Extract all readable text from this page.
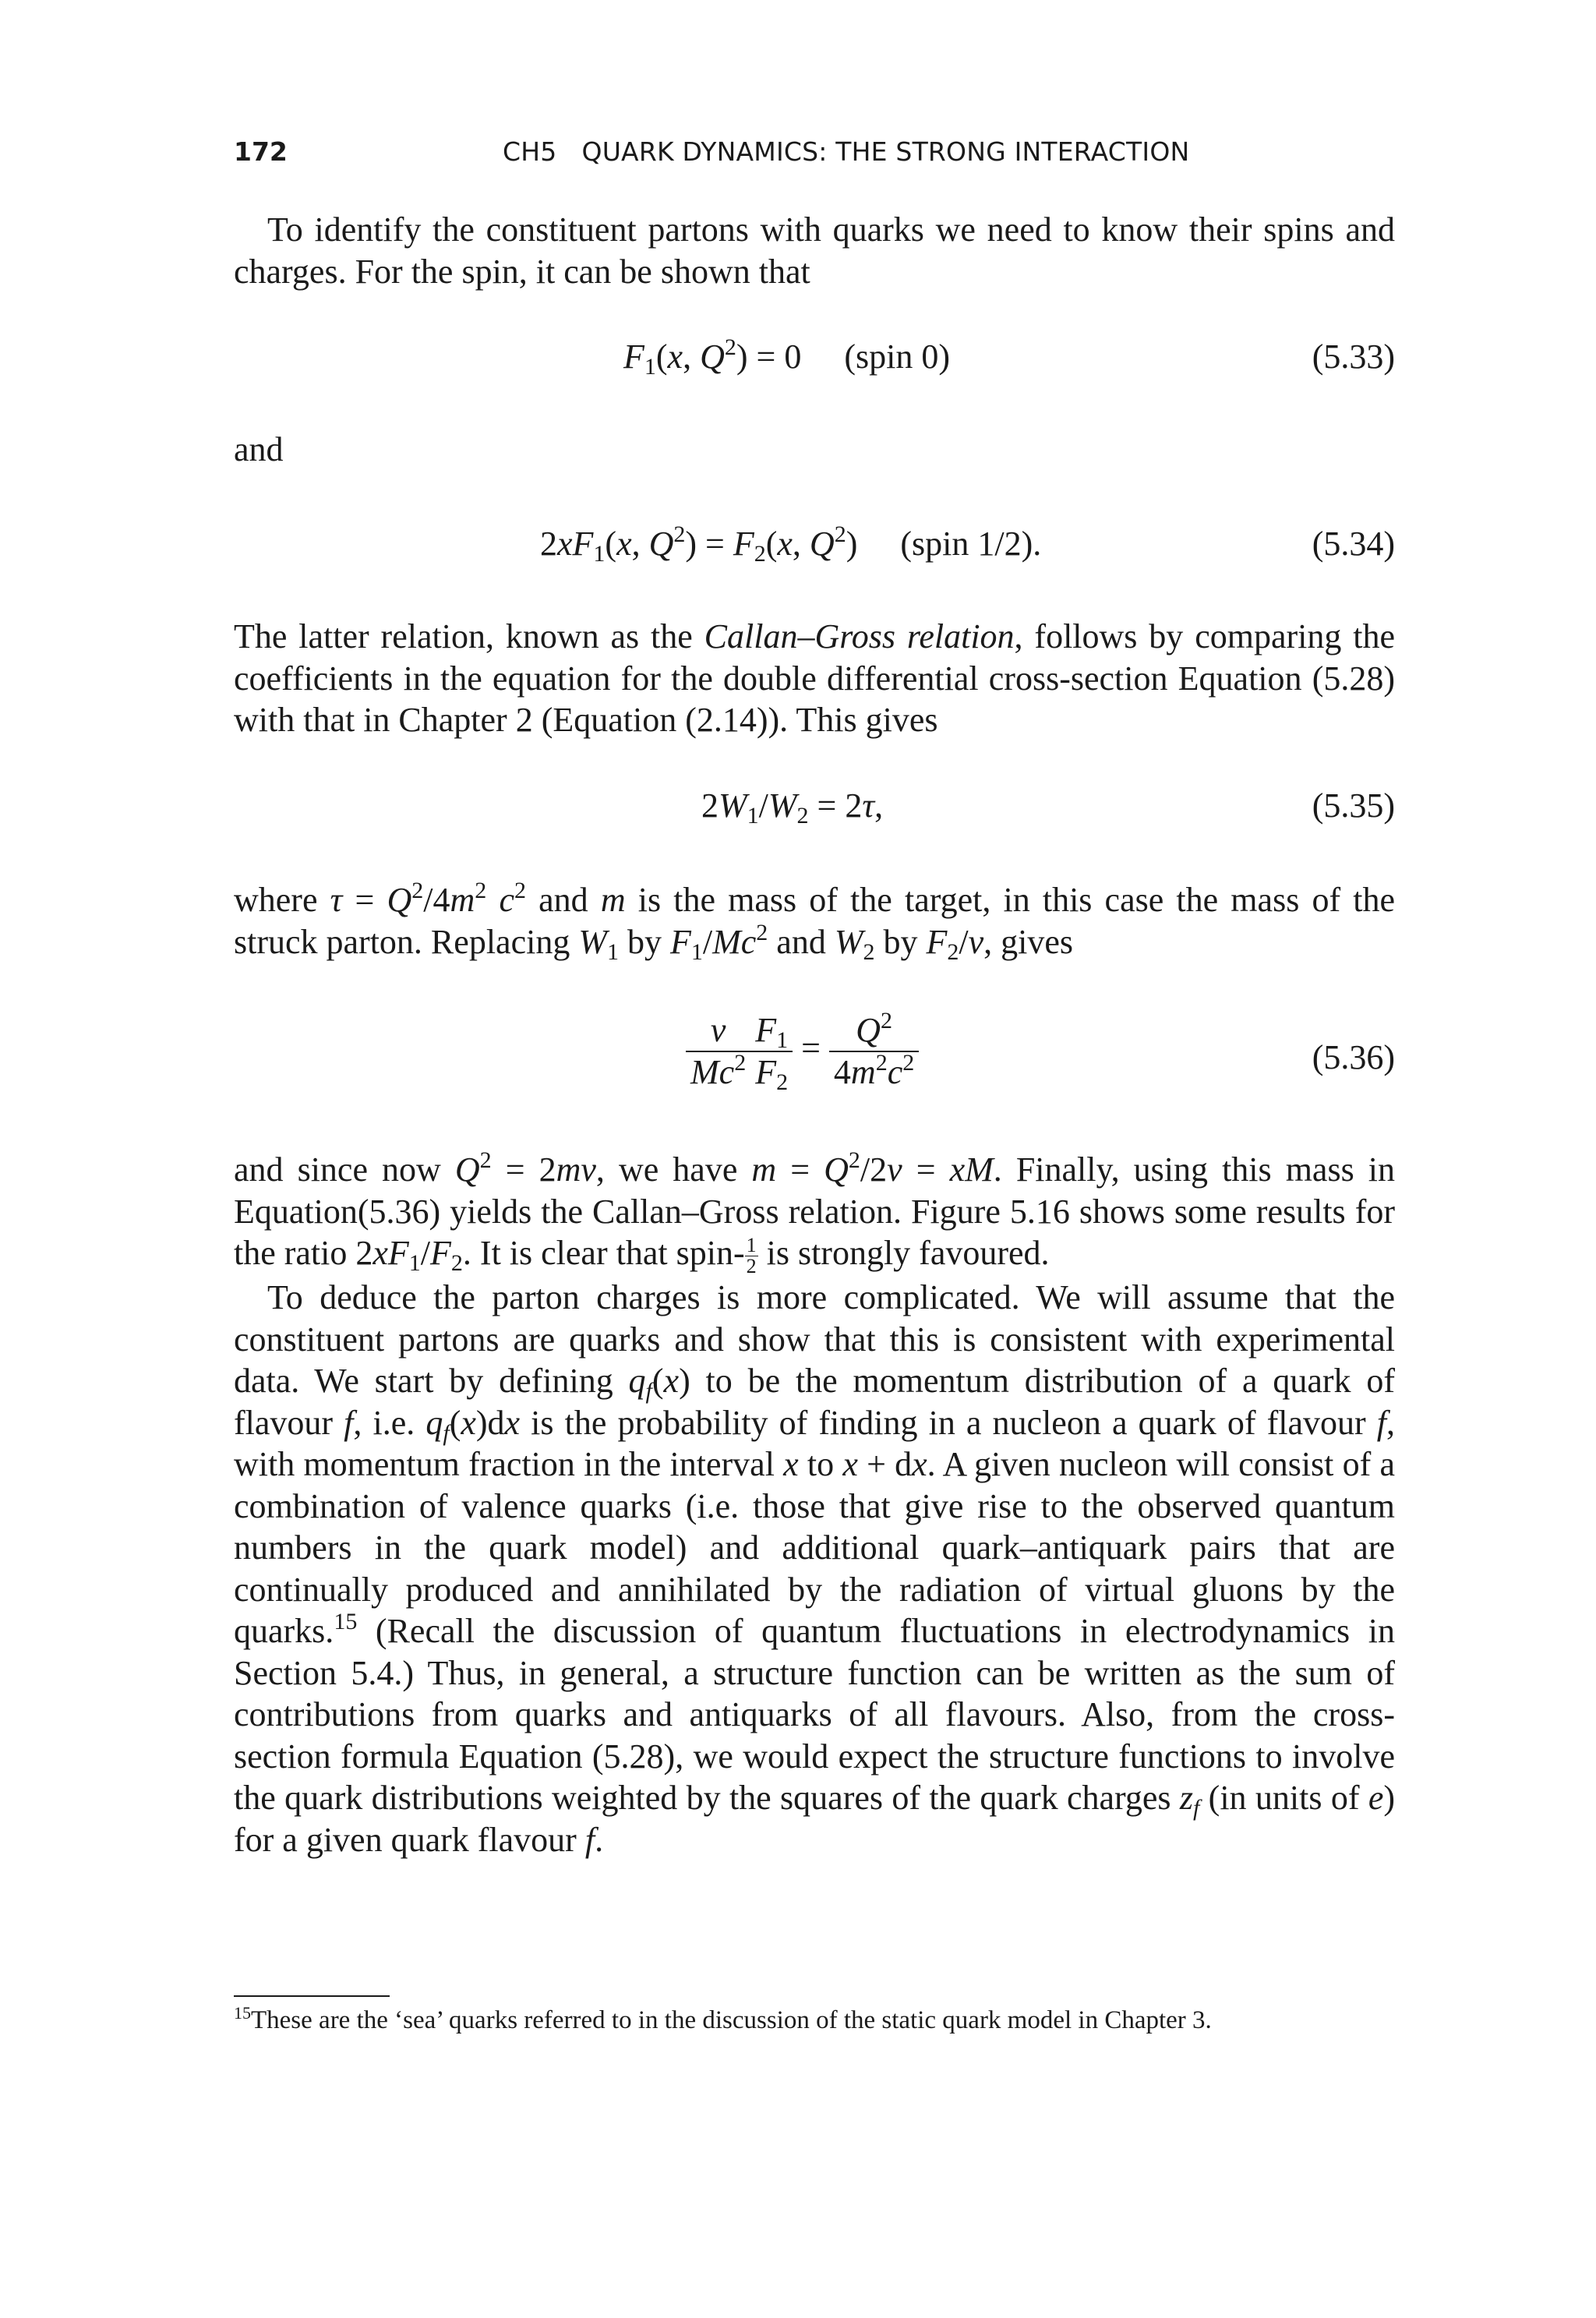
172	CH5   QUARK DYNAMICS: THE STRONG INTERACTION

To identify the constituent partons with quarks we need to know their spins and charges. For the spin, it can be shown that

$F_1(x$, $Q^2) = 0$     (spin 0)	(5.33)

and

$2xF_1(x$, $Q^2) = F_2(x$, $Q^2$)     (spin 1/2).	(5.34)

The latter relation, known as the Callan–Gross relation, follows by comparing the coefficients in the equation for the double differential cross-section Equation (5.28) with that in Chapter 2 (Equation (2.14)). This gives

$2W_1/W_2 = 2\tau$,	(5.35)

where $\tau = Q^2/4m^2$ $c^2$ and m is the mass of the target, in this case the mass of the struck parton. Replacing $W_1$ by $F_1/Mc^2$ and $W_2$ by $F_2/\nu$, gives

$\frac{\nu}{Mc^2} \frac{F_1}{F_2} = \frac{Q^2}{4m^2c^2}$	(5.36)

and since now $Q^2 = 2m\nu$, we have $m = Q^2/2\nu$ = xM. Finally, using this mass in Equation(5.36) yields the Callan–Gross relation. Figure 5.16 shows some results for the ratio $2xF_1/F_2$. It is clear that spin- $\frac{1}{2}$ is strongly favoured.

To deduce the parton charges is more complicated. We will assume that the constituent partons are quarks and show that this is consistent with experimental data. We start by defining $q_f(x)$ to be the momentum distribution of a quark of flavour f, i.e. $q_f(x)dx$ is the probability of finding in a nucleon a quark of flavour f, with momentum fraction in the interval x to x + dx. A given nucleon will consist of a combination of valence quarks (i.e. those that give rise to the observed quantum numbers in the quark model) and additional quark–antiquark pairs that are continually produced and annihilated by the radiation of virtual gluons by the quarks.$^{15}$ (Recall the discussion of quantum fluctuations in electrodynamics in Section 5.4.) Thus, in general, a structure function can be written as the sum of contributions from quarks and antiquarks of all flavours. Also, from the cross-section formula Equation (5.28), we would expect the structure functions to involve the quark distributions weighted by the squares of the quark charges $z_f$ (in units of e) for a given quark flavour f.

$^{15}$These are the ‘sea’ quarks referred to in the discussion of the static quark model in Chapter 3.
